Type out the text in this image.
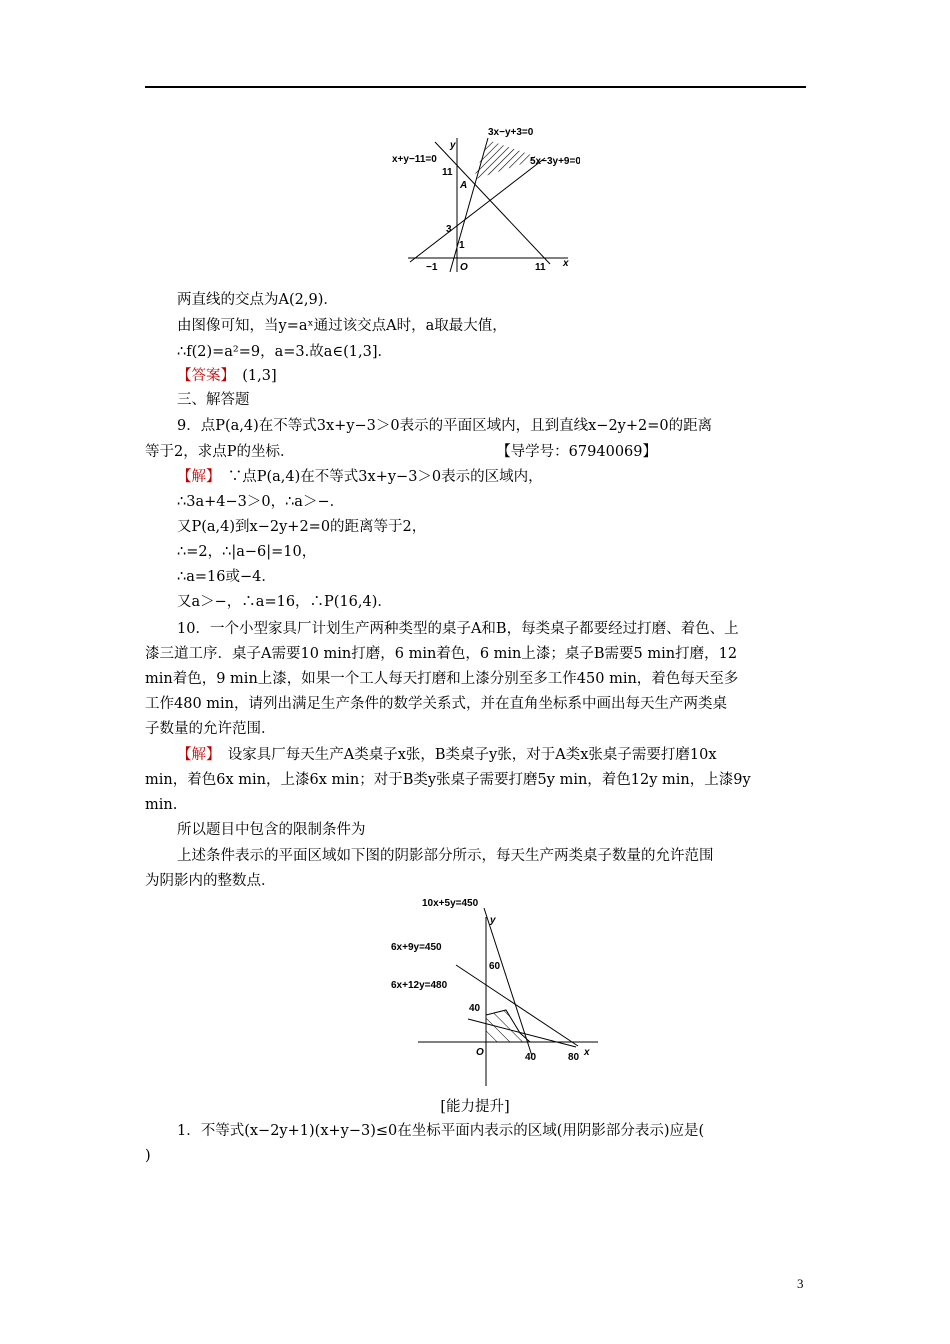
3x−y+3=0
5x−3y+9=0
x+y−11=0
y
x
11
A
3
1
−1 O	11
两直线的交点为A(2,9)．
由图像可知，当y=aˣ通过该交点A时，a取最大值，
∴f(2)=a²=9，a=3.故a∈(1,3]．
【答案】　(1,3]
三、解答题
9．点P(a,4)在不等式3x+y−3＞0表示的平面区域内，且到直线x−2y+2=0的距离
等于2，求点P的坐标．	【导学号：67940069】
【解】　∵点P(a,4)在不等式3x+y−3＞0表示的区域内，
∴3a+4−3＞0，∴a＞−．
又P(a,4)到x−2y+2=0的距离等于2，
∴=2，∴|a−6|=10，
∴a=16或−4．
又a＞−，∴a=16，∴P(16,4)．
10．一个小型家具厂计划生产两种类型的桌子A和B，每类桌子都要经过打磨、着色、上
漆三道工序．桌子A需要10 min打磨，6 min着色，6 min上漆；桌子B需要5 min打磨，12
min着色，9 min上漆，如果一个工人每天打磨和上漆分别至多工作450 min，着色每天至多
工作480 min，请列出满足生产条件的数学关系式，并在直角坐标系中画出每天生产两类桌
子数量的允许范围．
【解】　设家具厂每天生产A类桌子x张，B类桌子y张，对于A类x张桌子需要打磨10x
min，着色6x min，上漆6x min；对于B类y张桌子需要打磨5y min，着色12y min，上漆9y
min.
所以题目中包含的限制条件为
上述条件表示的平面区域如下图的阴影部分所示，每天生产两类桌子数量的允许范围
为阴影内的整数点．
10x+5y=450
6x+9y=450
6x+12y=480
y
x
60
40
O	40	80
[能力提升]
1．不等式(x−2y+1)(x+y−3)≤0在坐标平面内表示的区域(用阴影部分表示)应是(
)
3
